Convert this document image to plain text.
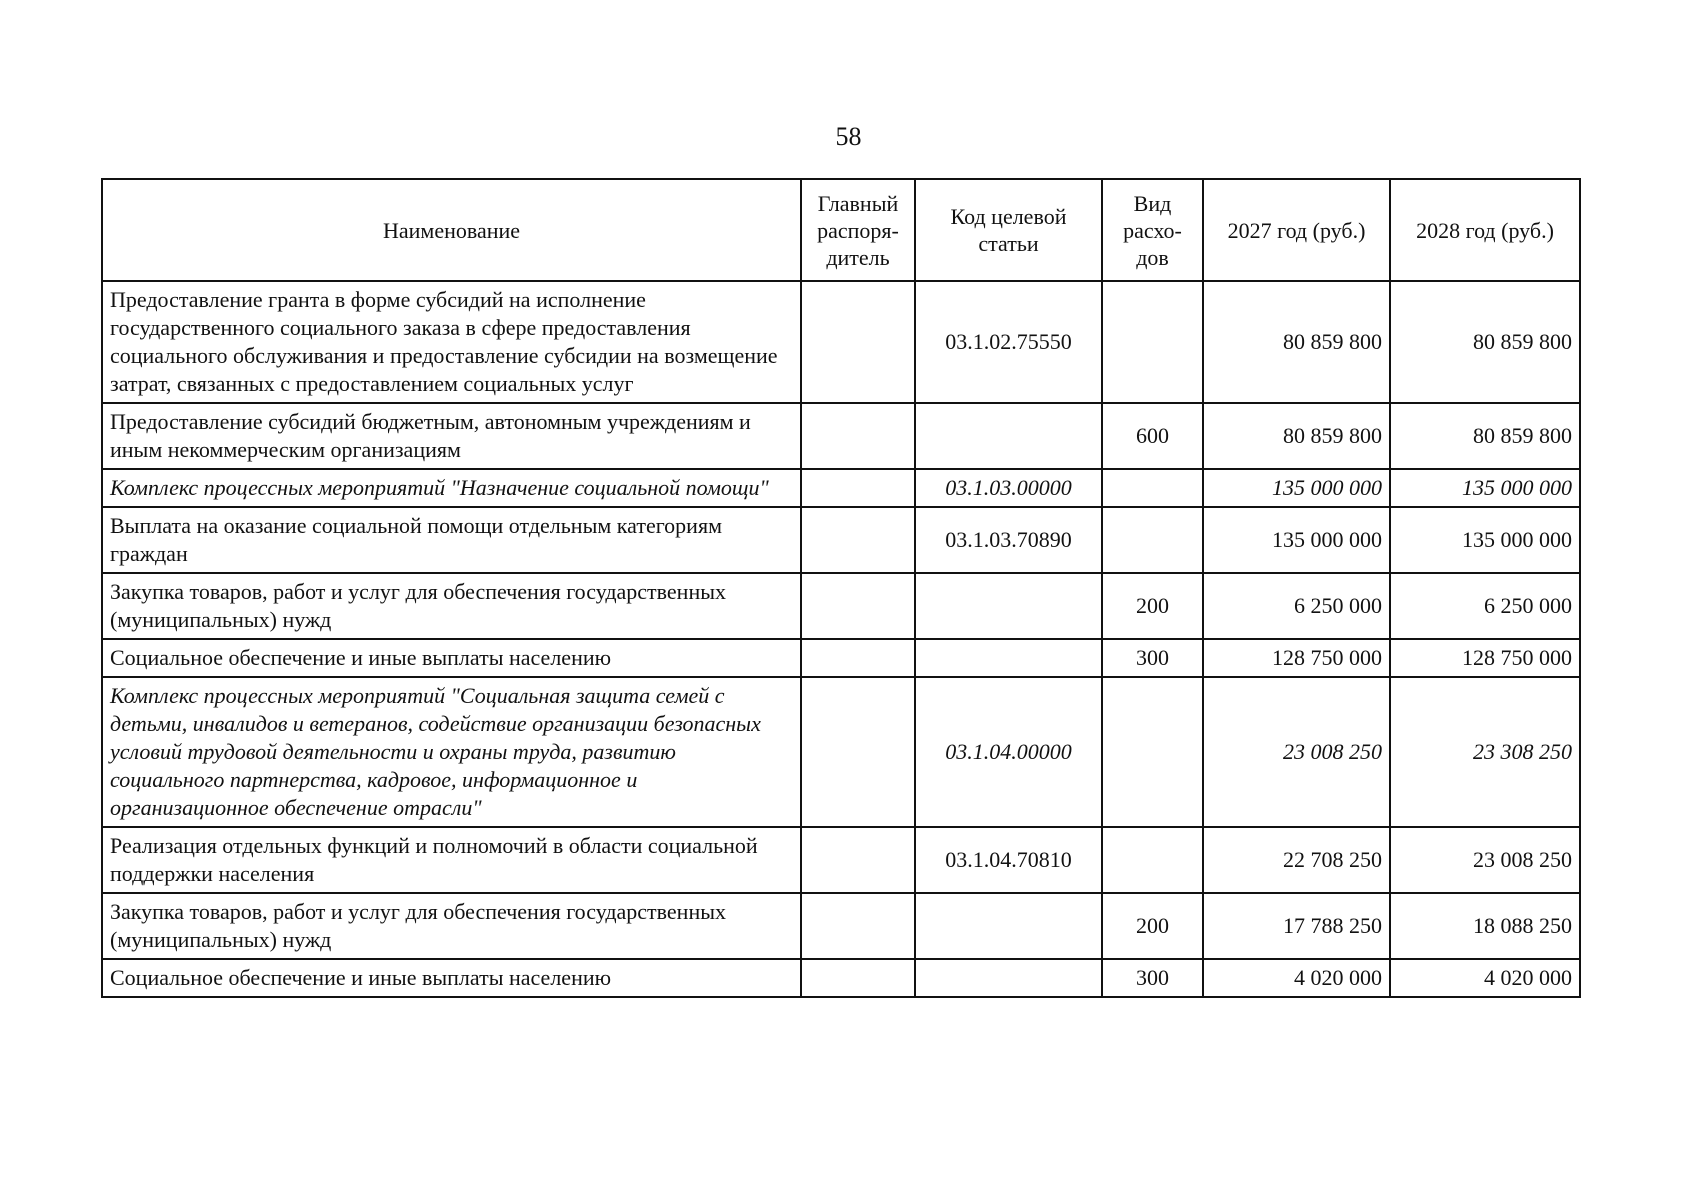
58
Наименование	Главный распоря-дитель	Код целевой статьи	Вид расхо-дов	2027 год (руб.)	2028 год (руб.)
Предоставление гранта в форме субсидий на исполнение государственного социального заказа в сфере предоставления социального обслуживания и предоставление субсидии на возмещение затрат, связанных с предоставлением социальных услуг		03.1.02.75550		80 859 800	80 859 800
Предоставление субсидий бюджетным, автономным учреждениям и иным некоммерческим организациям			600	80 859 800	80 859 800
Комплекс процессных мероприятий "Назначение социальной помощи"		03.1.03.00000		135 000 000	135 000 000
Выплата на оказание социальной помощи отдельным категориям граждан		03.1.03.70890		135 000 000	135 000 000
Закупка товаров, работ и услуг для обеспечения государственных (муниципальных) нужд			200	6 250 000	6 250 000
Социальное обеспечение и иные выплаты населению			300	128 750 000	128 750 000
Комплекс процессных мероприятий "Социальная защита семей с детьми, инвалидов и ветеранов, содействие организации безопасных условий трудовой деятельности и охраны труда, развитию социального партнерства, кадровое, информационное и организационное обеспечение отрасли"		03.1.04.00000		23 008 250	23 308 250
Реализация отдельных функций и полномочий в области социальной поддержки населения		03.1.04.70810		22 708 250	23 008 250
Закупка товаров, работ и услуг для обеспечения государственных (муниципальных) нужд			200	17 788 250	18 088 250
Социальное обеспечение и иные выплаты населению			300	4 020 000	4 020 000
